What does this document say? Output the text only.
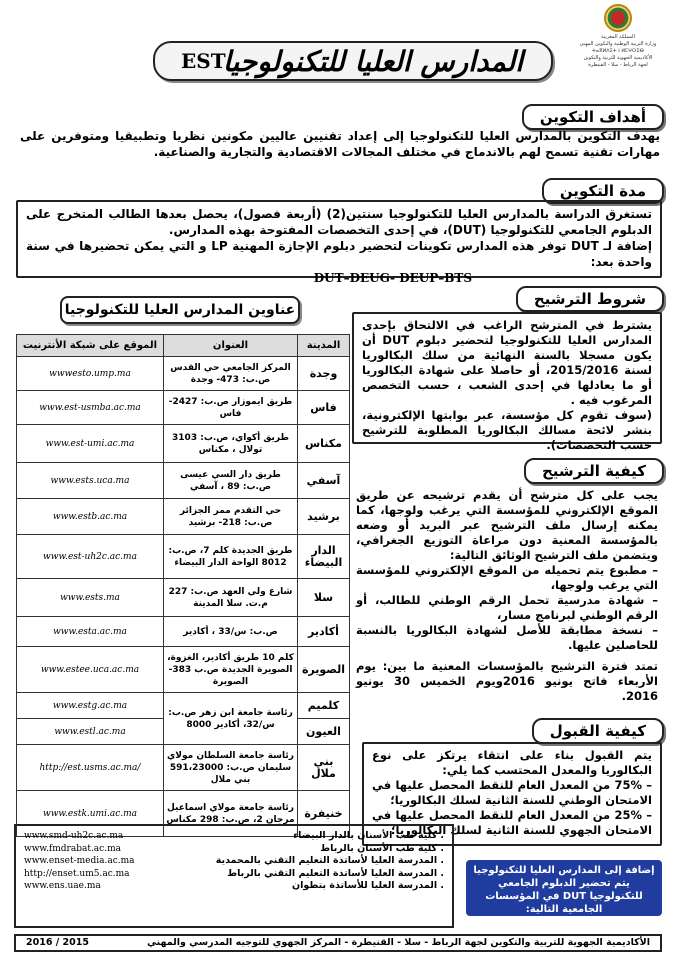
المملكة المغربية
وزارة التربية الوطنية والتكوين المهني
ⵜⴰⴳⵍⴷⵉⵜ ⵏ ⵍⵎⵖⵔⵉⴱ
الأكاديمية الجهوية للتربية والتكوين
لجهة الرباط - سلا - القنيطرة
المدارس العليا للتكنولوجيا
EST
أهداف التكوين
يهدف التكوين بالمدارس العليا للتكنولوجيا إلى إعداد تقنيين عاليين مكونين نظريا وتطبيقيا ومتوفرين على مهارات تقنية تسمح لهم بالاندماج في مختلف المجالات الاقتصادية والتجارية والصناعية.
مدة التكوين
تستغرق الدراسة بالمدارس العليا للتكنولوجيا سنتين(2) (أربعة فصول)، يحصل بعدها الطالب المتخرج على الدبلوم الجامعي للتكنولوجيا (DUT)، في إحدى التخصصات المفتوحة بهذه المدارس.
إضافة لـ DUT توفر هذه المدارس تكوينات لتحضير دبلوم الإجازة المهنية LP و التي يمكن تحضيرها في سنة واحدة بعد:
DUT–DEUG- DEUP–BTS
عناوين المدارس العليا للتكنولوجيا
المدينة	العنوان	الموقع على شبكة الأنترنيت
وجدة	المركز الجامعي حي القدس ص.ب: 473- وجدة	wwwesto.ump.ma
فاس	طريق ايموزار ص.ب: 2427- فاس	www.est-usmba.ac.ma
مكناس	طريق أكواي، ص.ب: 3103 تولال ، مكناس	www.est-umi.ac.ma
آسفي	طريق دار السي عيسى ص.ب: 89 ، آسفي	www.ests.uca.ma
برشيد	حي التقدم ممر الجزائر ص.ب: 218- برشيد	www.estb.ac.ma
الدار البيضاء	طريق الجديدة كلم 7، ص.ب: 8012 الواحة الدار البيضاء	www.est-uh2c.ac.ma
سلا	شارع ولي العهد ص.ب: 227 م.ت. سلا المدينة	www.ests.ma
أكادير	ص.ب: س/33 ، أكادير	www.esta.ac.ma
الصويرة	كلم 10 طريق أكادير، الغزوة، الصويرة الجديدة ص.ب 383- الصويرة	www.estee.uca.ac.ma
كلميم	رئاسة جامعة ابن زهر ص.ب: س/32، أكادير 8000	www.estg.ac.ma
العيون		www.estl.ac.ma
بني ملال	رئاسة جامعة السلطان مولاي سليمان ص.ب: 591،23000 بني ملال	http://est.usms.ac.ma/
خنيفرة	رئاسة جامعة مولاي اسماعيل مرجان 2، ص.ب: 298 مكناس	www.estk.umi.ac.ma
شروط الترشيح
يشترط في المترشح الراغب في الالتحاق بإحدى المدارس العليا للتكنولوجيا لتحضير دبلوم DUT أن يكون مسجلا بالسنة النهائية من سلك البكالوريا لسنة 2015/2016، أو حاصلا على شهادة البكالوريا أو ما يعادلها في إحدى الشعب ، حسب التخصص المرغوب فيه .
(سوف تقوم كل مؤسسة، عبر بوابتها الإلكترونية، بنشر لائحة مسالك البكالوريا المطلوبة للترشيح حسب التخصصات).
كيفية الترشيح
يجب على كل مترشح أن يقدم ترشيحه عن طريق الموقع الإلكتروني للمؤسسة التي يرغب ولوجها، كما يمكنه إرسال ملف الترشيح عبر البريد أو وضعه بالمؤسسة المعنية دون مراعاة التوزيع الجغرافي، ويتضمن ملف الترشيح الوثائق التالية:
– مطبوع يتم تحميله من الموقع الإلكتروني للمؤسسة التي يرغب ولوجها،
– شهادة مدرسية تحمل الرقم الوطني للطالب، أو الرقم الوطني لبرنامج مسار،
– نسخة مطابقة للأصل لشهادة البكالوريا بالنسبة للحاصلين عليها.
تمتد فترة الترشيح بالمؤسسات المعنية ما بين: يوم الأربعاء فاتح يونيو 2016ويوم الخميس 30 يونيو 2016.
كيفية القبول
يتم القبول بناء على انتقاء يرتكز على نوع البكالوريا والمعدل المحتسب كما يلي:
– 75% من المعدل العام للنقط المحصل عليها في الامتحان الوطني للسنة الثانية لسلك البكالوريا؛
– 25% من المعدل العام للنقط المحصل عليها في الامتحان الجهوي للسنة الثانية لسلك البكالوريا؛
إضافة إلى المدارس العليا للتكنولوجيا يتم تحضير الدبلوم الجامعي للتكنولوجيا DUT في المؤسسات الجامعية التالية:
. كلية طب الأسنان بالدار البيضاء
www.smd-uh2c.ac.ma
. كلية طب الأسنان بالرباط
www.fmdrabat.ac.ma
. المدرسة العليا لأساتذة التعليم التقني بالمحمدية
www.enset-media.ac.ma
. المدرسة العليا لأساتذة التعليم التقني بالرباط
http://enset.um5.ac.ma
. المدرسة العليا للأساتذة بتطوان
www.ens.uae.ma
الأكاديمية الجهوية للتربية والتكوين لجهة الرباط - سلا - القنيطرة - المركز الجهوي للتوجيه المدرسي والمهني
2016 / 2015
